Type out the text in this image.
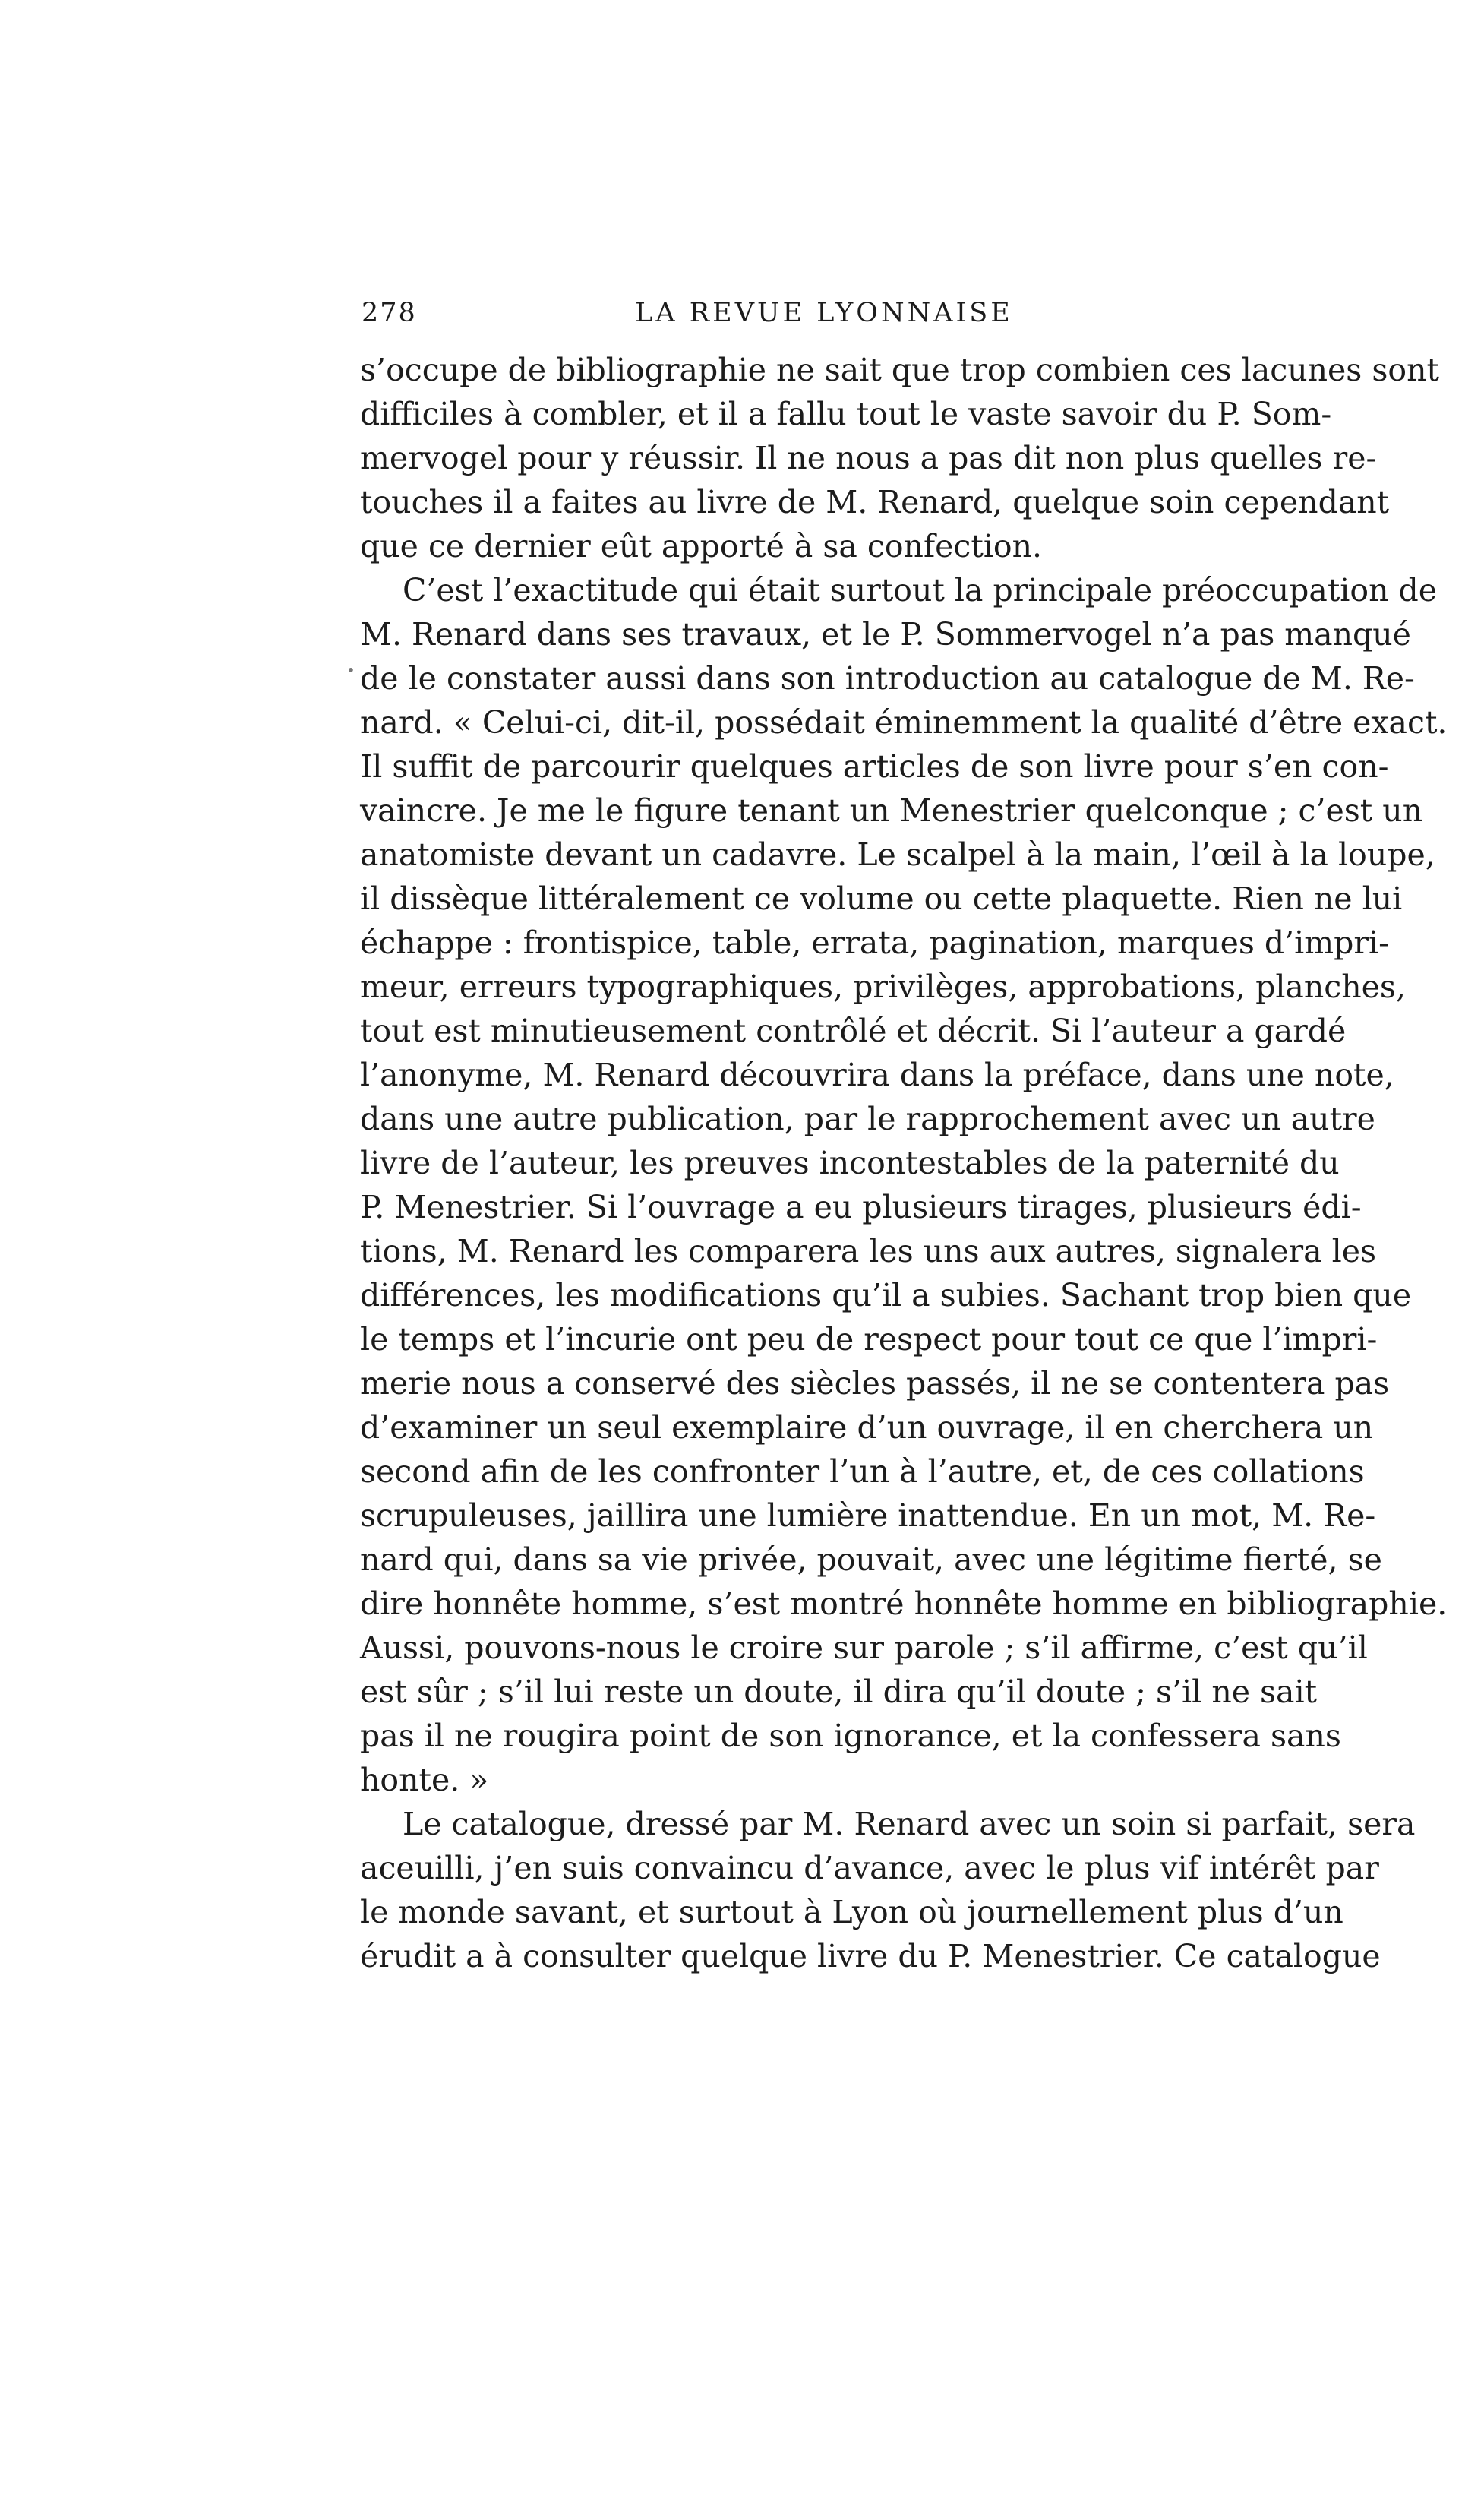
278	LA REVUE LYONNAISE
s’occupe de bibliographie ne sait que trop combien ces lacunes sont
difficiles à combler, et il a fallu tout le vaste savoir du P. Som-
mervogel pour y réussir. Il ne nous a pas dit non plus quelles re-
touches il a faites au livre de M. Renard, quelque soin cependant
que ce dernier eût apporté à sa confection.
C’est l’exactitude qui était surtout la principale préoccupation de
M. Renard dans ses travaux, et le P. Sommervogel n’a pas manqué
de le constater aussi dans son introduction au catalogue de M. Re-
nard. « Celui-ci, dit-il, possédait éminemment la qualité d’être exact.
Il suffit de parcourir quelques articles de son livre pour s’en con-
vaincre. Je me le figure tenant un Menestrier quelconque ; c’est un
anatomiste devant un cadavre. Le scalpel à la main, l’œil à la loupe,
il dissèque littéralement ce volume ou cette plaquette. Rien ne lui
échappe : frontispice, table, errata, pagination, marques d’impri-
meur, erreurs typographiques, privilèges, approbations, planches,
tout est minutieusement contrôlé et décrit. Si l’auteur a gardé
l’anonyme, M. Renard découvrira dans la préface, dans une note,
dans une autre publication, par le rapprochement avec un autre
livre de l’auteur, les preuves incontestables de la paternité du
P. Menestrier. Si l’ouvrage a eu plusieurs tirages, plusieurs édi-
tions, M. Renard les comparera les uns aux autres, signalera les
différences, les modifications qu’il a subies. Sachant trop bien que
le temps et l’incurie ont peu de respect pour tout ce que l’impri-
merie nous a conservé des siècles passés, il ne se contentera pas
d’examiner un seul exemplaire d’un ouvrage, il en cherchera un
second afin de les confronter l’un à l’autre, et, de ces collations
scrupuleuses, jaillira une lumière inattendue. En un mot, M. Re-
nard qui, dans sa vie privée, pouvait, avec une légitime fierté, se
dire honnête homme, s’est montré honnête homme en bibliographie.
Aussi, pouvons-nous le croire sur parole ; s’il affirme, c’est qu’il
est sûr ; s’il lui reste un doute, il dira qu’il doute ; s’il ne sait
pas il ne rougira point de son ignorance, et la confessera sans
honte. »
Le catalogue, dressé par M. Renard avec un soin si parfait, sera
aceuilli, j’en suis convaincu d’avance, avec le plus vif intérêt par
le monde savant, et surtout à Lyon où journellement plus d’un
érudit a à consulter quelque livre du P. Menestrier. Ce catalogue
•
